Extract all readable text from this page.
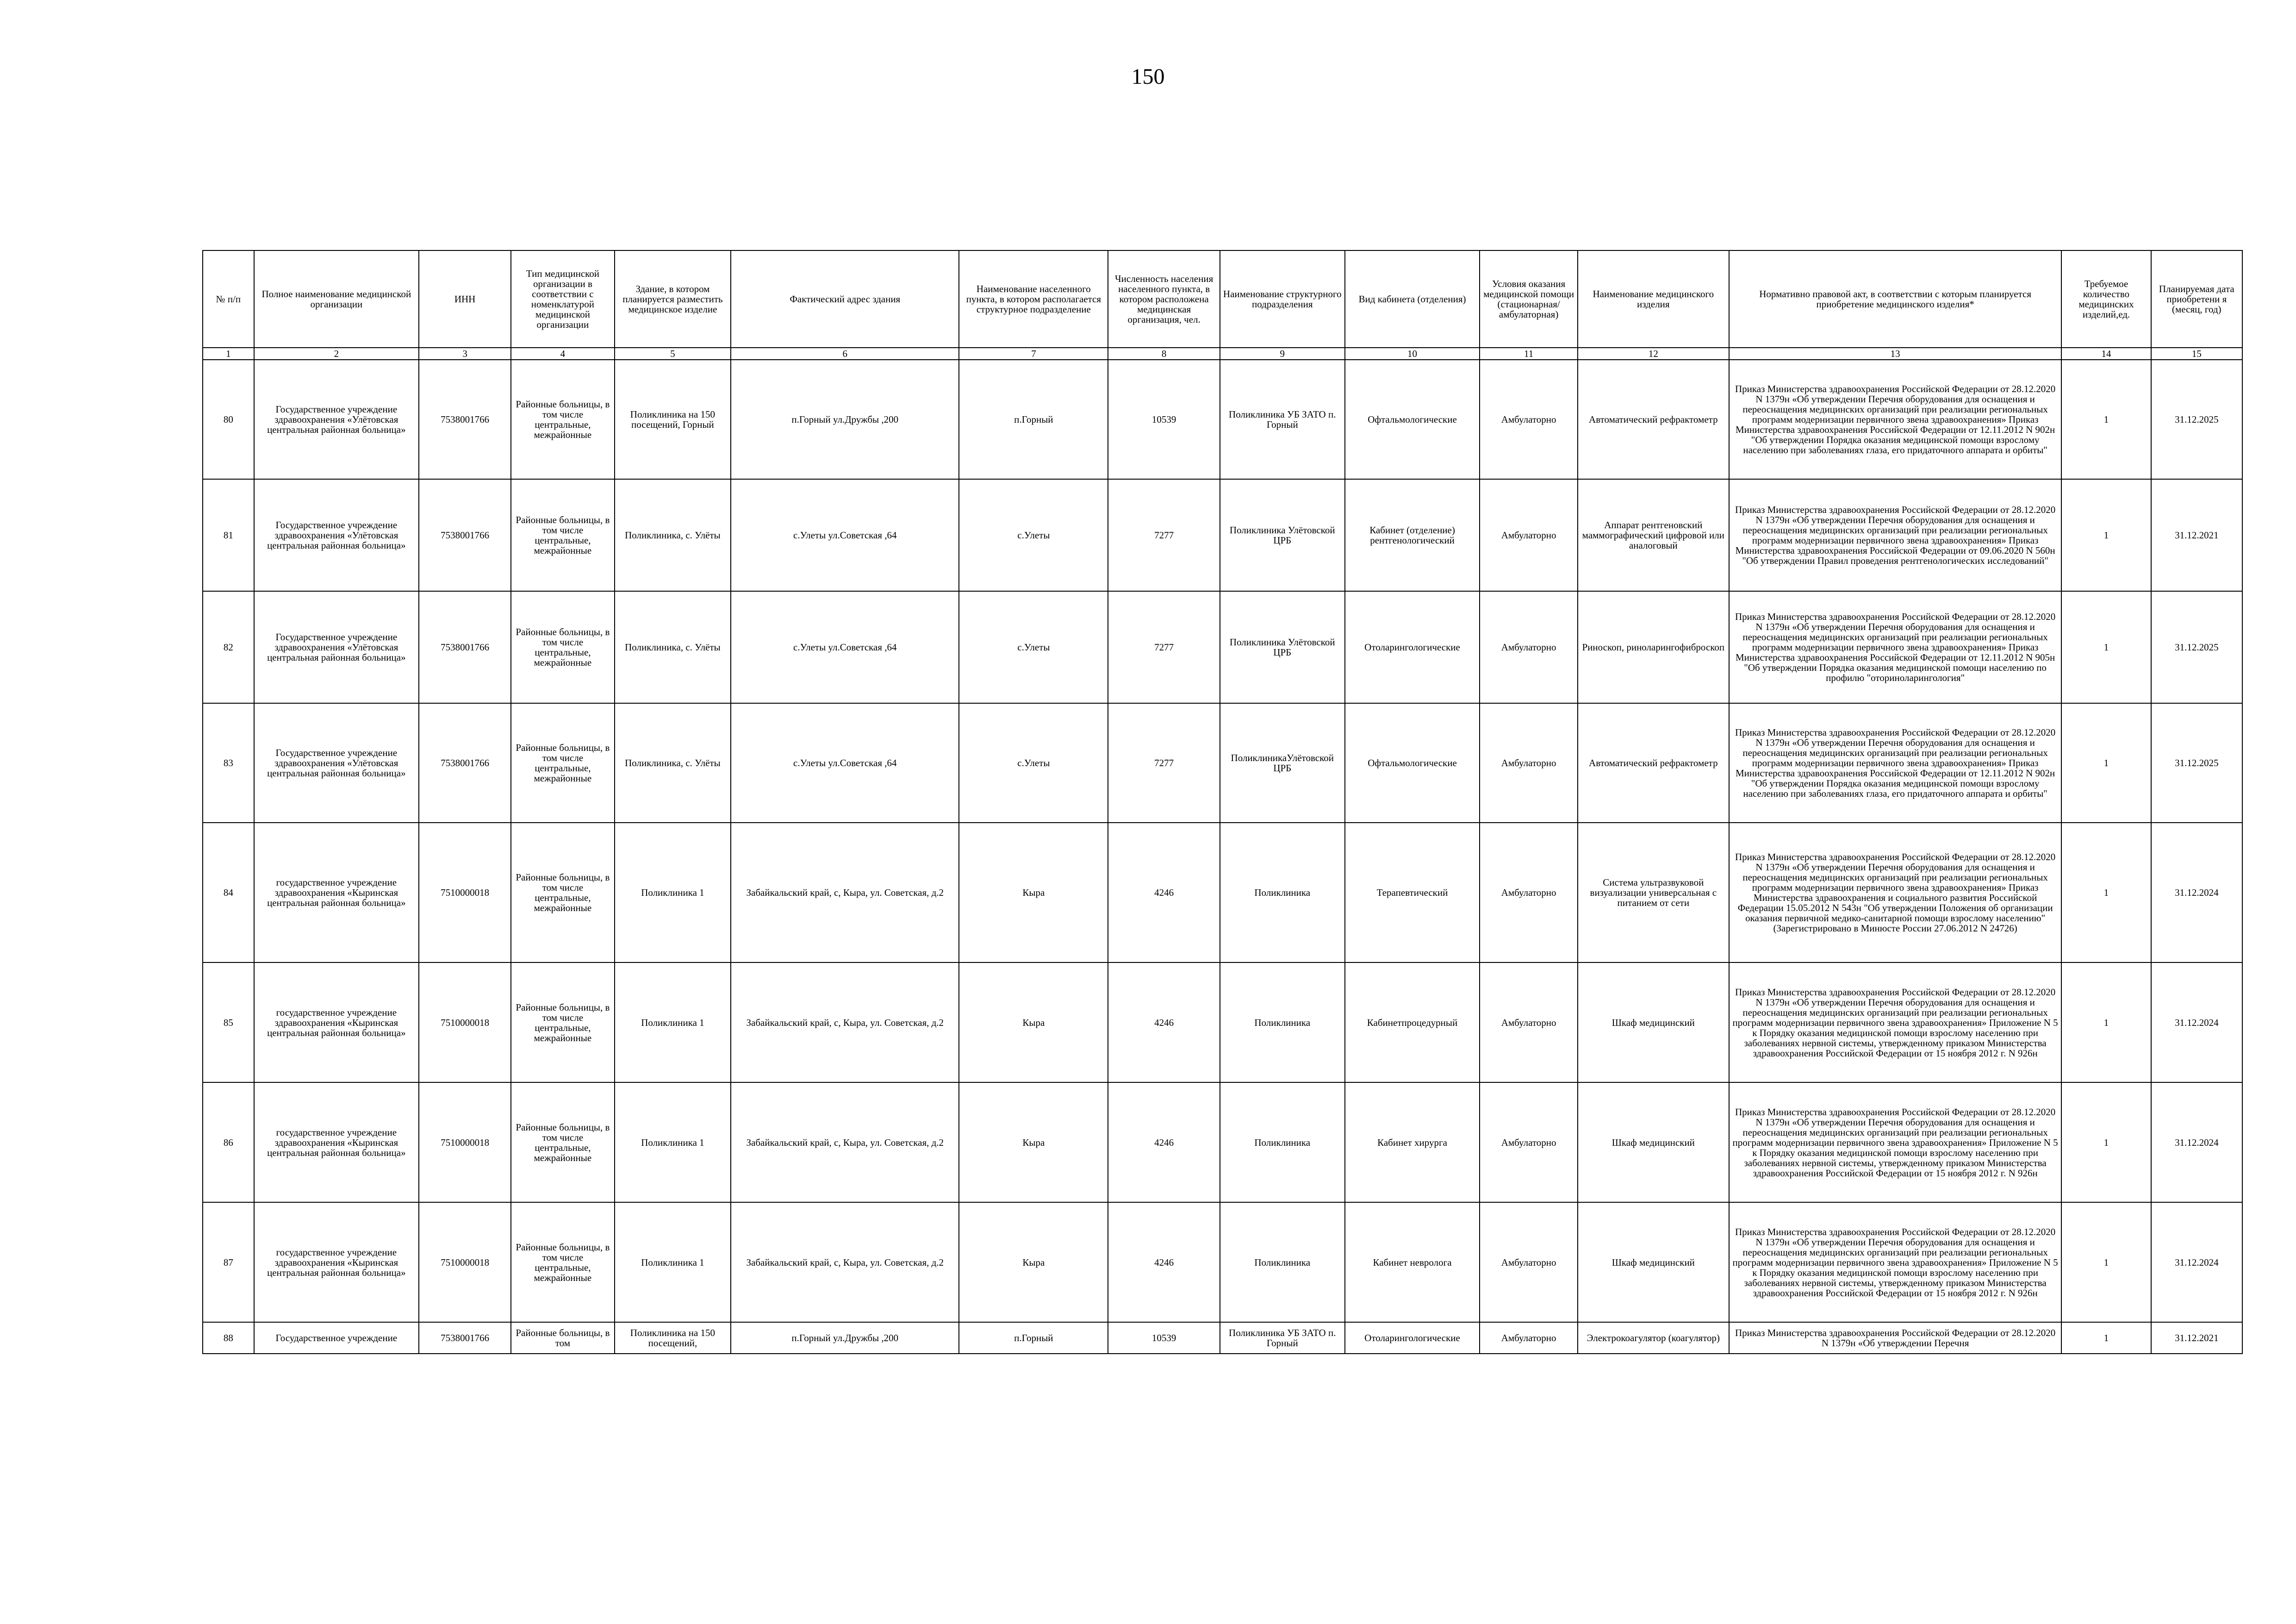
150
№ п/п	Полное наименование медицинской организации	ИНН	Тип медицинской организации в соответствии с номенклатурой медицинской организации	Здание, в котором планируется разместить медицинское изделие	Фактический адрес здания	Наименование населенного пункта, в котором располагается структурное подразделение	Численность населения населенного пункта, в котором расположена медицинская организация, чел.	Наименование структурного подразделения	Вид кабинета (отделения)	Условия оказания медицинской помощи (стационарная/ амбулаторная)	Наименование медицинского изделия	Нормативно правовой акт, в соответствии с которым планируется приобретение медицинского изделия*	Требуемое количество медицинских изделий,ед.	Планируемая дата приобретени я (месяц, год)
1	2	3	4	5	6	7	8	9	10	11	12	13	14	15
80	Государственное учреждение здравоохранения «Улётовская центральная районная больница»	7538001766	Районные больницы, в том числе центральные, межрайонные	Поликлиника на 150 посещений, Горный	п.Горный ул.Дружбы ,200	п.Горный	10539	Поликлиника УБ ЗАТО п. Горный	Офтальмологические	Амбулаторно	Автоматический рефрактометр	Приказ Министерства здравоохранения Российской Федерации от 28.12.2020 N 1379н «Об утверждении Перечня оборудования для оснащения и переоснащения медицинских организаций при реализации региональных программ модернизации первичного звена здравоохранения» Приказ Министерства здравоохранения Российской Федерации от 12.11.2012 N 902н "Об утверждении Порядка оказания медицинской помощи взрослому населению при заболеваниях глаза, его придаточного аппарата и орбиты"	1	31.12.2025
81	Государственное учреждение здравоохранения «Улётовская центральная районная больница»	7538001766	Районные больницы, в том числе центральные, межрайонные	Поликлиника, с. Улёты	с.Улеты ул.Советская ,64	с.Улеты	7277	Поликлиника Улётовской ЦРБ	Кабинет (отделение) рентгенологический	Амбулаторно	Аппарат рентгеновский маммографический цифровой или аналоговый	Приказ Министерства здравоохранения Российской Федерации от 28.12.2020 N 1379н «Об утверждении Перечня оборудования для оснащения и переоснащения медицинских организаций при реализации региональных программ модернизации первичного звена здравоохранения» Приказ Министерства здравоохранения Российской Федерации от 09.06.2020 N 560н "Об утверждении Правил проведения рентгенологических исследований"	1	31.12.2021
82	Государственное учреждение здравоохранения «Улётовская центральная районная больница»	7538001766	Районные больницы, в том числе центральные, межрайонные	Поликлиника, с. Улёты	с.Улеты ул.Советская ,64	с.Улеты	7277	Поликлиника Улётовской ЦРБ	Отоларингологические	Амбулаторно	Риноскоп, риноларингофиброскоп	Приказ Министерства здравоохранения Российской Федерации от 28.12.2020 N 1379н «Об утверждении Перечня оборудования для оснащения и переоснащения медицинских организаций при реализации региональных программ модернизации первичного звена здравоохранения» Приказ Министерства здравоохранения Российской Федерации от 12.11.2012 N 905н "Об утверждении Порядка оказания медицинской помощи населению по профилю "оториноларингология"	1	31.12.2025
83	Государственное учреждение здравоохранения «Улётовская центральная районная больница»	7538001766	Районные больницы, в том числе центральные, межрайонные	Поликлиника, с. Улёты	с.Улеты ул.Советская ,64	с.Улеты	7277	ПоликлиникаУлётовской ЦРБ	Офтальмологические	Амбулаторно	Автоматический рефрактометр	Приказ Министерства здравоохранения Российской Федерации от 28.12.2020 N 1379н «Об утверждении Перечня оборудования для оснащения и переоснащения медицинских организаций при реализации региональных программ модернизации первичного звена здравоохранения» Приказ Министерства здравоохранения Российской Федерации от 12.11.2012 N 902н "Об утверждении Порядка оказания медицинской помощи взрослому населению при заболеваниях глаза, его придаточного аппарата и орбиты"	1	31.12.2025
84	государственное учреждение здравоохранения «Кыринская центральная районная больница»	7510000018	Районные больницы, в том числе центральные, межрайонные	Поликлиника 1	Забайкальский край, с, Кыра, ул. Советская, д.2	Кыра	4246	Поликлиника	Терапевтический	Амбулаторно	Система ультразвуковой визуализации универсальная с питанием от сети	Приказ Министерства здравоохранения Российской Федерации от 28.12.2020 N 1379н «Об утверждении Перечня оборудования для оснащения и переоснащения медицинских организаций при реализации региональных программ модернизации первичного звена здравоохранения» Приказ Министерства здравоохранения и социального развития Российской Федерации 15.05.2012 N 543н "Об утверждении Положения об организации оказания первичной медико-санитарной помощи взрослому населению"(Зарегистрировано в Минюсте России 27.06.2012 N 24726)	1	31.12.2024
85	государственное учреждение здравоохранения «Кыринская центральная районная больница»	7510000018	Районные больницы, в том числе центральные, межрайонные	Поликлиника 1	Забайкальский край, с, Кыра, ул. Советская, д.2	Кыра	4246	Поликлиника	Кабинетпроцедурный	Амбулаторно	Шкаф медицинский	Приказ Министерства здравоохранения Российской Федерации от 28.12.2020 N 1379н «Об утверждении Перечня оборудования для оснащения и переоснащения медицинских организаций при реализации региональных программ модернизации первичного звена здравоохранения» Приложение N 5 к Порядку оказания медицинской помощи взрослому населению при заболеваниях нервной системы, утвержденному приказом Министерства здравоохранения Российской Федерации от 15 ноября 2012 г. N 926н	1	31.12.2024
86	государственное учреждение здравоохранения «Кыринская центральная районная больница»	7510000018	Районные больницы, в том числе центральные, межрайонные	Поликлиника 1	Забайкальский край, с, Кыра, ул. Советская, д.2	Кыра	4246	Поликлиника	Кабинет хирурга	Амбулаторно	Шкаф медицинский	Приказ Министерства здравоохранения Российской Федерации от 28.12.2020 N 1379н «Об утверждении Перечня оборудования для оснащения и переоснащения медицинских организаций при реализации региональных программ модернизации первичного звена здравоохранения» Приложение N 5 к Порядку оказания медицинской помощи взрослому населению при заболеваниях нервной системы, утвержденному приказом Министерства здравоохранения Российской Федерации от 15 ноября 2012 г. N 926н	1	31.12.2024
87	государственное учреждение здравоохранения «Кыринская центральная районная больница»	7510000018	Районные больницы, в том числе центральные, межрайонные	Поликлиника 1	Забайкальский край, с, Кыра, ул. Советская, д.2	Кыра	4246	Поликлиника	Кабинет невролога	Амбулаторно	Шкаф медицинский	Приказ Министерства здравоохранения Российской Федерации от 28.12.2020 N 1379н «Об утверждении Перечня оборудования для оснащения и переоснащения медицинских организаций при реализации региональных программ модернизации первичного звена здравоохранения» Приложение N 5 к Порядку оказания медицинской помощи взрослому населению при заболеваниях нервной системы, утвержденному приказом Министерства здравоохранения Российской Федерации от 15 ноября 2012 г. N 926н	1	31.12.2024
88	Государственное учреждение	7538001766	Районные больницы, в том	Поликлиника на 150 посещений,	п.Горный ул.Дружбы ,200	п.Горный	10539	Поликлиника УБ ЗАТО п. Горный	Отоларингологические	Амбулаторно	Электрокоагулятор (коагулятор)	Приказ Министерства здравоохранения Российской Федерации от 28.12.2020 N 1379н «Об утверждении Перечня	1	31.12.2021
